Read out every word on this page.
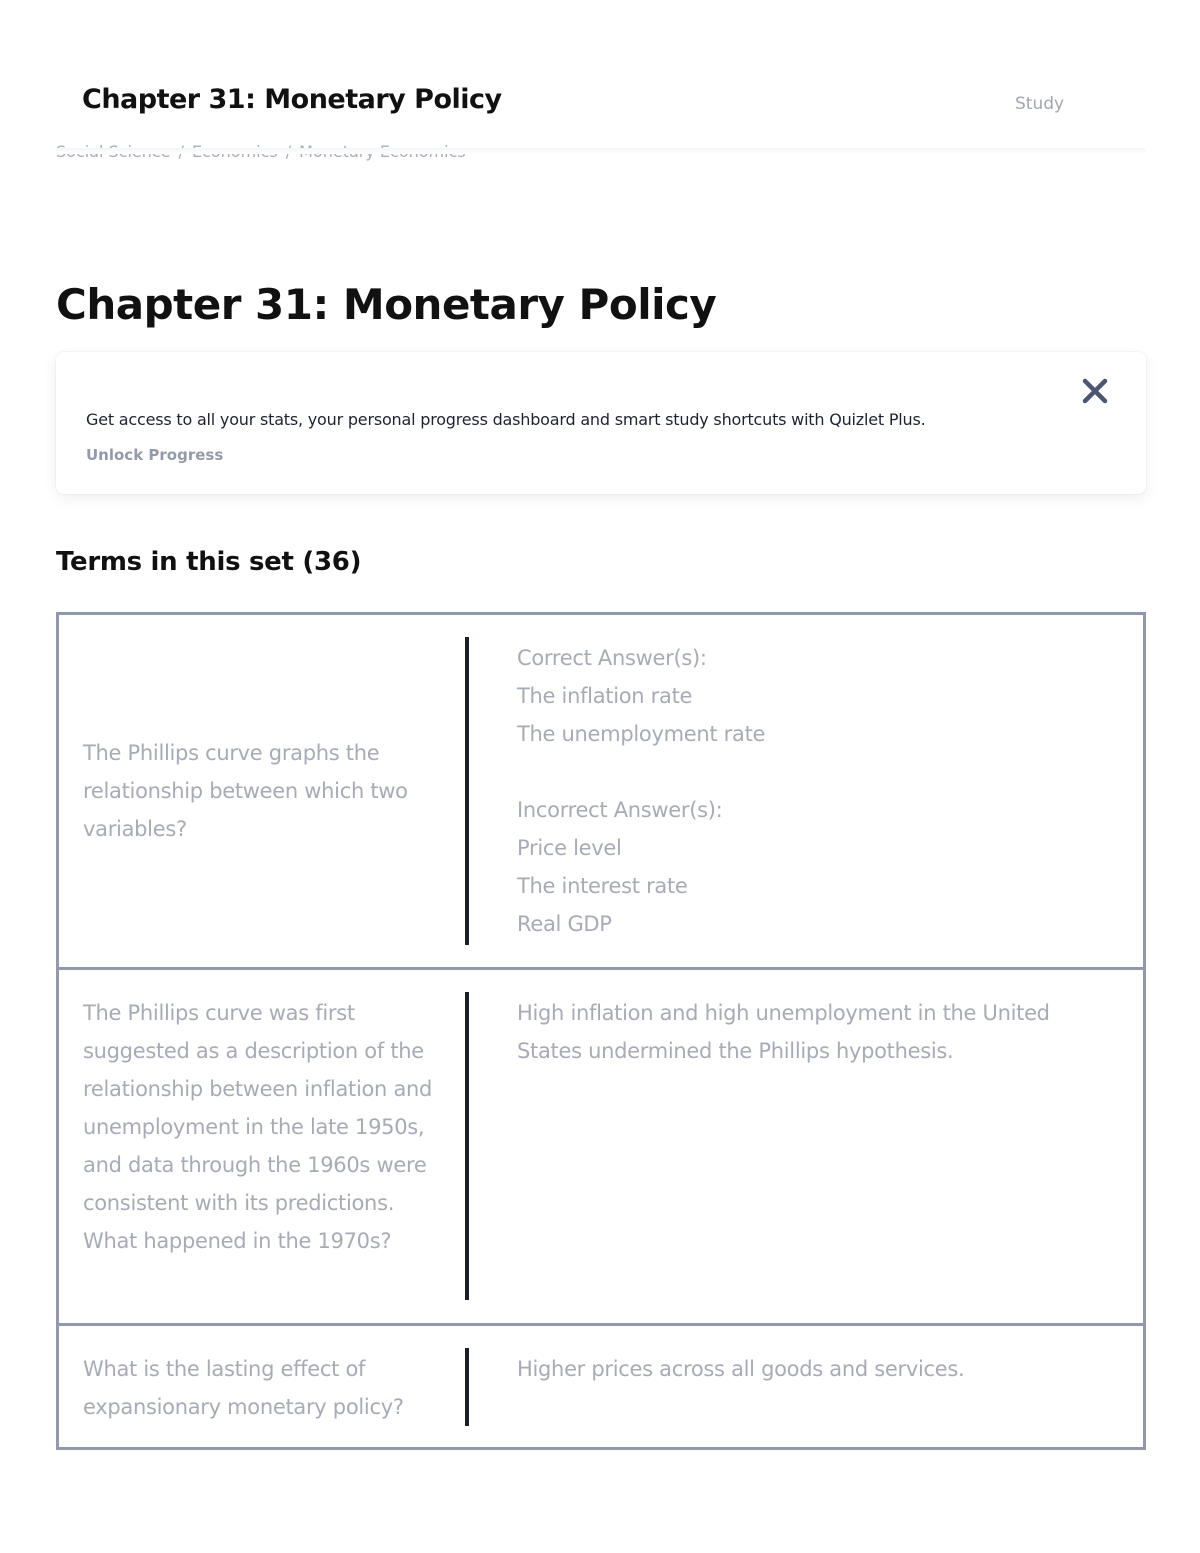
Chapter 31: Monetary Policy	Study
Chapter 31: Monetary Policy
Get access to all your stats, your personal progress dashboard and smart study shortcuts with Quizlet Plus.
Unlock Progress
Terms in this set (36)
The Phillips curve graphs the relationship between which two variables?
Correct Answer(s):
The inflation rate
The unemployment rate
Incorrect Answer(s):
Price level
The interest rate
Real GDP
The Phillips curve was first suggested as a description of the relationship between inflation and unemployment in the late 1950s, and data through the 1960s were consistent with its predictions. What happened in the 1970s?
High inflation and high unemployment in the United States undermined the Phillips hypothesis.
What is the lasting effect of expansionary monetary policy?
Higher prices across all goods and services.
